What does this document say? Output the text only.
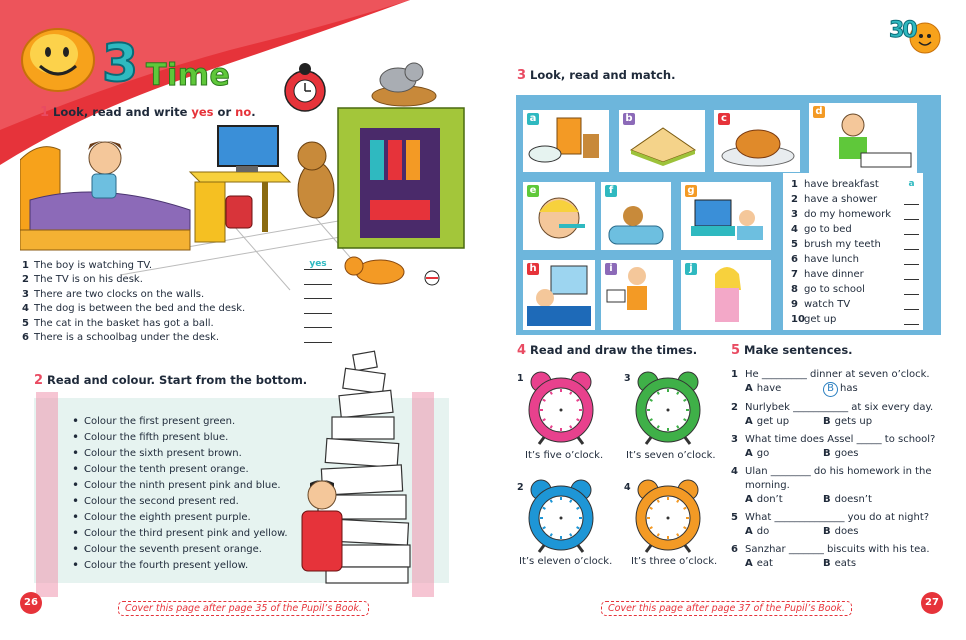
3 Time
1 Look, read and write yes or no.
1 The boy is watching TV.	yes
2 The TV is on his desk.
3 There are two clocks on the walls.
4 The dog is between the bed and the desk.
5 The cat in the basket has got a ball.
6 There is a schoolbag under the desk.
2 Read and colour. Start from the bottom.
• Colour the first present green.
• Colour the fifth present blue.
• Colour the sixth present brown.
• Colour the tenth present orange.
• Colour the ninth present pink and blue.
• Colour the second present red.
• Colour the eighth present purple.
• Colour the third present pink and yellow.
• Colour the seventh present orange.
• Colour the fourth present yellow.
26
Cover this page after page 35 of the Pupil’s Book.
30
3 Look, read and match.
a	b	c
d
e	f	g
h	i	j
1 have breakfast	a
2 have a shower
3 do my homework
4 go to bed
5 brush my teeth
6 have lunch
7 have dinner
8 go to school
9 watch TV
10 get up
4 Read and draw the times.
1
It’s five o’clock.
3
It’s seven o’clock.
2
It’s eleven o’clock.
4
It’s three o’clock.
5 Make sentences.
1 He _________ dinner at seven o’clock.
A have	B has
2 Nurlybek ___________ at six every day.
A get up	B gets up
3 What time does Assel _____ to school?
A go	B goes
4 Ulan ________ do his homework in the
morning.
A don’t	B doesn’t
5 What ______________ you do at night?
A do	B does
6 Sanzhar _______ biscuits with his tea.
A eat	B eats
27
Cover this page after page 37 of the Pupil’s Book.
